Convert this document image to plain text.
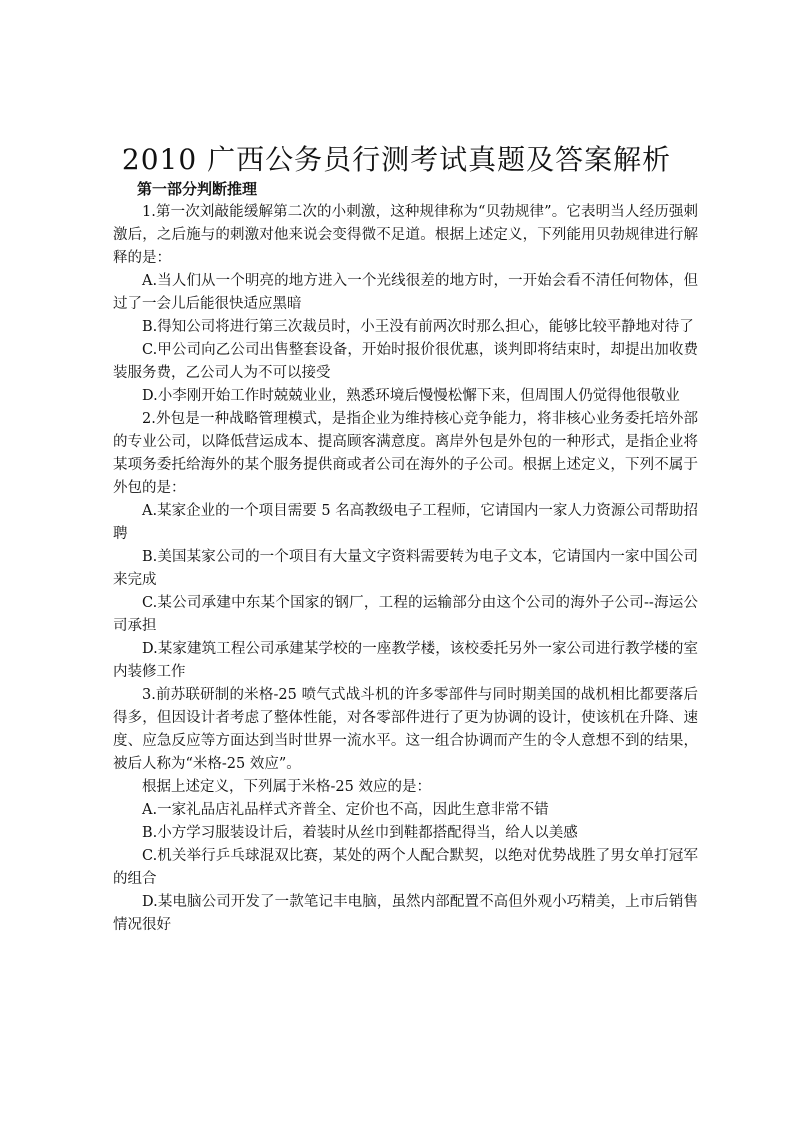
2010 广西公务员行测考试真题及答案解析
第一部分判断推理

1.第一次刘敲能缓解第二次的小刺激，这种规律称为“贝勃规律”。它表明当人经历强刺激后，之后施与的刺激对他来说会变得微不足道。根据上述定义，下列能用贝勃规律进行解释的是：

A.当人们从一个明亮的地方进入一个光线很差的地方时，一开始会看不清任何物体，但过了一会儿后能很快适应黑暗

B.得知公司将进行第三次裁员时，小王没有前两次时那么担心，能够比较平静地对待了

C.甲公司向乙公司出售整套设备，开始时报价很优惠，谈判即将结束时，却提出加收费装服务费，乙公司人为不可以接受

D.小李刚开始工作时兢兢业业，熟悉环境后慢慢松懈下来，但周围人仍觉得他很敬业

2.外包是一种战略管理模式，是指企业为维持核心竞争能力，将非核心业务委托培外部的专业公司，以降低营运成本、提高顾客满意度。离岸外包是外包的一种形式，是指企业将某项务委托给海外的某个服务提供商或者公司在海外的子公司。根据上述定义，下列不属于外包的是：

A.某家企业的一个项目需要 5 名高教级电子工程师，它请国内一家人力资源公司帮助招聘

B.美国某家公司的一个项目有大量文字资料需要转为电子文本，它请国内一家中国公司来完成

C.某公司承建中东某个国家的钢厂，工程的运输部分由这个公司的海外子公司--海运公司承担

D.某家建筑工程公司承建某学校的一座教学楼，该校委托另外一家公司进行教学楼的室内装修工作

3.前苏联研制的米格-25 喷气式战斗机的许多零部件与同时期美国的战机相比都要落后得多，但因设计者考虑了整体性能，对各零部件进行了更为协调的设计，使该机在升降、速度、应急反应等方面达到当时世界一流水平。这一组合协调而产生的令人意想不到的结果，被后人称为“米格-25 效应”。

根据上述定义，下列属于米格-25 效应的是：

A.一家礼品店礼品样式齐普全、定价也不高，因此生意非常不错

B.小方学习服装设计后，着装时从丝巾到鞋都搭配得当，给人以美感

C.机关举行乒乓球混双比赛，某处的两个人配合默契，以绝对优势战胜了男女单打冠军的组合

D.某电脑公司开发了一款笔记丰电脑，虽然内部配置不高但外观小巧精美，上市后销售情况很好
